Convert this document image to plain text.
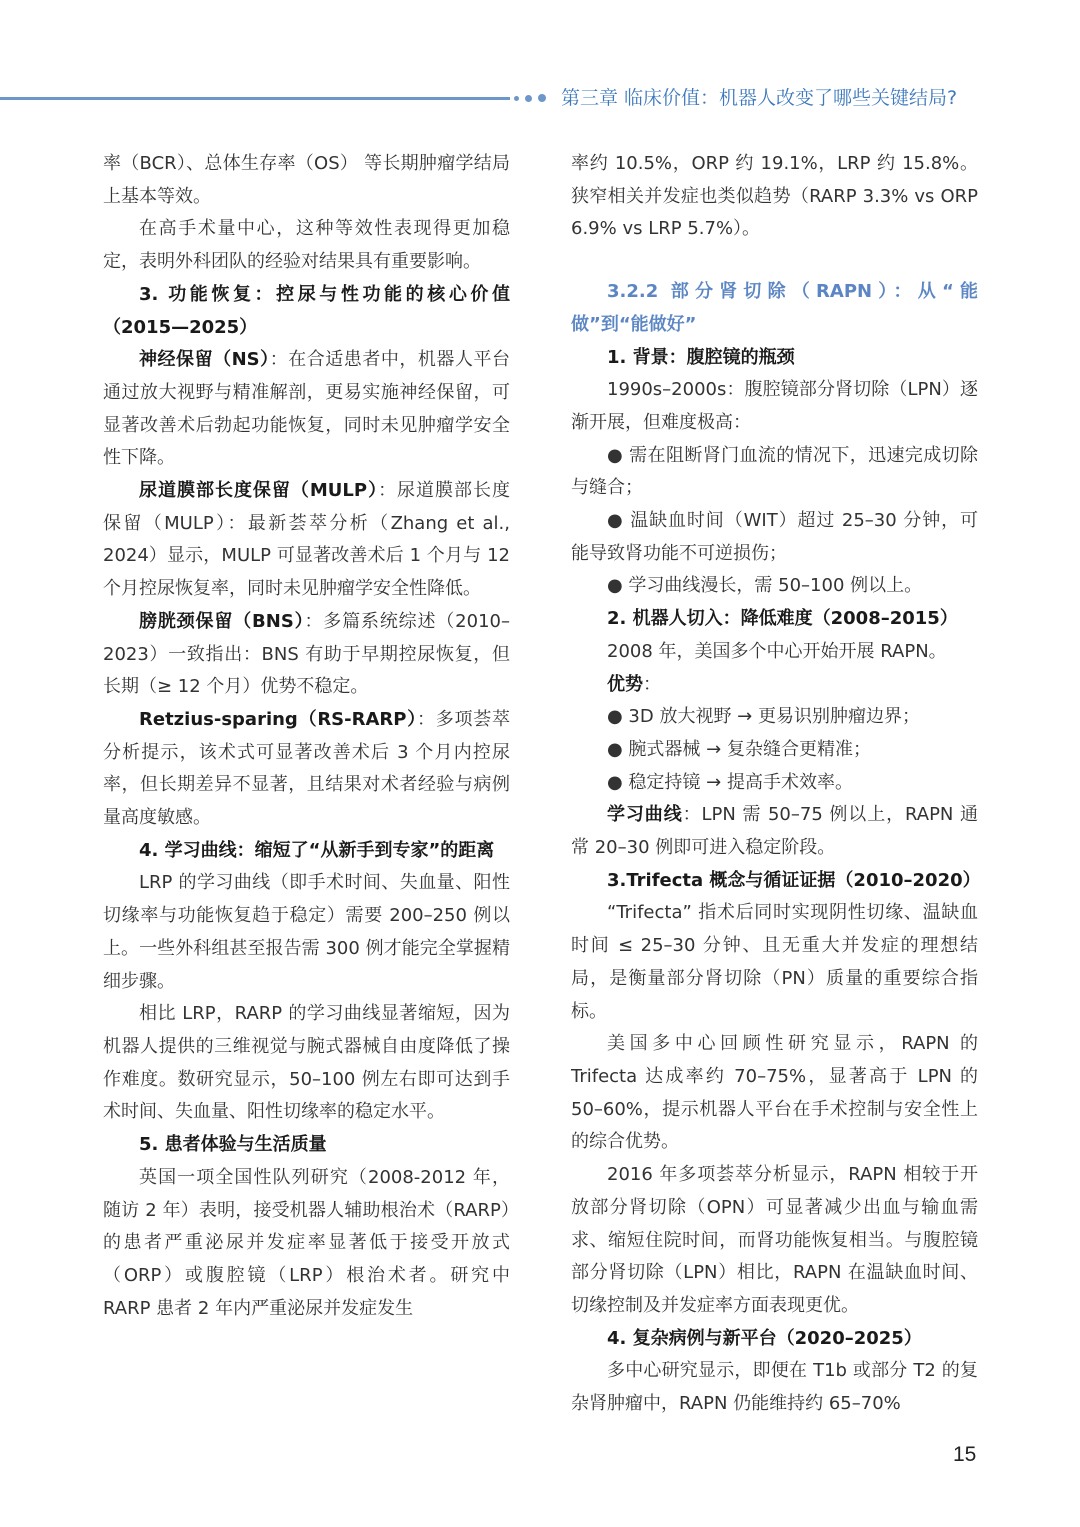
第三章 临床价值：机器人改变了哪些关键结局?

率（BCR）、总体生存率（OS） 等长期肿瘤学结局上基本等效。

在高手术量中心，这种等效性表现得更加稳定，表明外科团队的经验对结果具有重要影响。

3. 功能恢复：控尿与性功能的核心价值（2015—2025）

神经保留（NS）：在合适患者中，机器人平台通过放大视野与精准解剖，更易实施神经保留，可显著改善术后勃起功能恢复，同时未见肿瘤学安全性下降。

尿道膜部长度保留（MULP）：尿道膜部长度保留（MULP）：最新荟萃分析（Zhang et al., 2024）显示，MULP 可显著改善术后 1 个月与 12 个月控尿恢复率，同时未见肿瘤学安全性降低。

膀胱颈保留（BNS）：多篇系统综述（2010–2023）一致指出：BNS 有助于早期控尿恢复，但长期（≥ 12 个月）优势不稳定。

Retzius-sparing（RS-RARP）：多项荟萃分析提示，该术式可显著改善术后 3 个月内控尿率，但长期差异不显著，且结果对术者经验与病例量高度敏感。

4. 学习曲线：缩短了“从新手到专家”的距离

LRP 的学习曲线（即手术时间、失血量、阳性切缘率与功能恢复趋于稳定）需要 200–250 例以上。一些外科组甚至报告需 300 例才能完全掌握精细步骤。

相比 LRP，RARP 的学习曲线显著缩短，因为机器人提供的三维视觉与腕式器械自由度降低了操作难度。数研究显示，50–100 例左右即可达到手术时间、失血量、阳性切缘率的稳定水平。

5. 患者体验与生活质量

英国一项全国性队列研究（2008-2012 年，随访 2 年）表明，接受机器人辅助根治术（RARP）的患者严重泌尿并发症率显著低于接受开放式（ORP）或腹腔镜（LRP）根治术者。研究中 RARP 患者 2 年内严重泌尿并发症发生

率约 10.5%，ORP 约 19.1%，LRP 约 15.8%。狭窄相关并发症也类似趋势（RARP 3.3% vs ORP 6.9% vs LRP 5.7%）。

3.2.2 部分肾切除（RAPN）：从“能做”到“能做好”

1. 背景：腹腔镜的瓶颈

1990s–2000s：腹腔镜部分肾切除（LPN）逐渐开展，但难度极高：

● 需在阻断肾门血流的情况下，迅速完成切除与缝合；

● 温缺血时间（WIT）超过 25–30 分钟，可能导致肾功能不可逆损伤；

● 学习曲线漫长，需 50–100 例以上。

2. 机器人切入：降低难度（2008–2015）

2008 年，美国多个中心开始开展 RAPN。

优势：

● 3D 放大视野 → 更易识别肿瘤边界；

● 腕式器械 → 复杂缝合更精准；

● 稳定持镜 → 提高手术效率。

学习曲线：LPN 需 50–75 例以上，RAPN 通常 20–30 例即可进入稳定阶段。

3.Trifecta 概念与循证证据（2010–2020）

“Trifecta” 指术后同时实现阴性切缘、温缺血时间 ≤ 25–30 分钟、且无重大并发症的理想结局，是衡量部分肾切除（PN）质量的重要综合指标。

美国多中心回顾性研究显示，RAPN 的 Trifecta 达成率约 70–75%，显著高于 LPN 的 50–60%，提示机器人平台在手术控制与安全性上的综合优势。

2016 年多项荟萃分析显示，RAPN 相较于开放部分肾切除（OPN）可显著减少出血与输血需求、缩短住院时间，而肾功能恢复相当。与腹腔镜部分肾切除（LPN）相比，RAPN 在温缺血时间、切缘控制及并发症率方面表现更优。

4. 复杂病例与新平台（2020–2025）

多中心研究显示，即便在 T1b 或部分 T2 的复杂肾肿瘤中，RAPN 仍能维持约 65–70%

15
